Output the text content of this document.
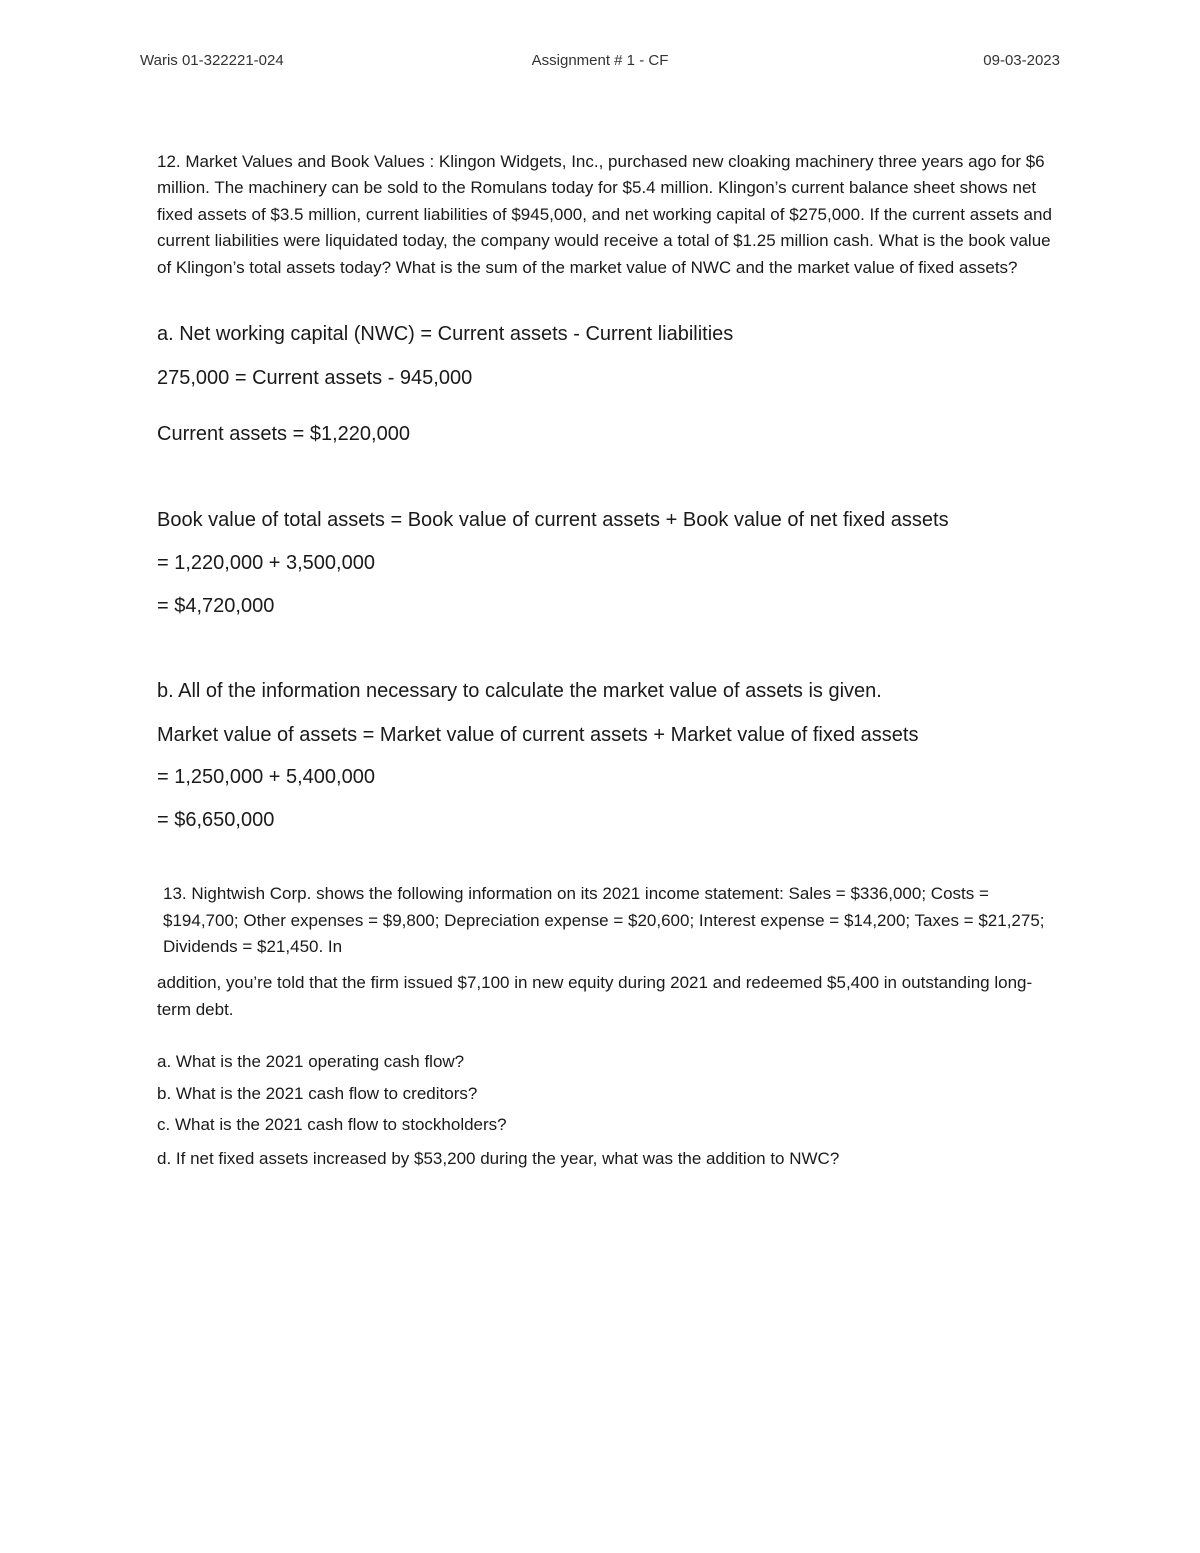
Waris 01-322221-024	Assignment # 1 - CF	09-03-2023

12. Market Values and Book Values : Klingon Widgets, Inc., purchased new cloaking machinery three years ago for $6 million. The machinery can be sold to the Romulans today for $5.4 million. Klingon’s current balance sheet shows net fixed assets of $3.5 million, current liabilities of $945,000, and net working capital of $275,000. If the current assets and current liabilities were liquidated today, the company would receive a total of $1.25 million cash. What is the book value of Klingon’s total assets today? What is the sum of the market value of NWC and the market value of fixed assets?

a. Net working capital (NWC) = Current assets - Current liabilities
275,000 = Current assets - 945,000
Current assets = $1,220,000
Book value of total assets = Book value of current assets + Book value of net fixed assets
= 1,220,000 + 3,500,000
= $4,720,000
b. All of the information necessary to calculate the market value of assets is given.
Market value of assets = Market value of current assets + Market value of fixed assets
= 1,250,000 + 5,400,000
= $6,650,000
13. Nightwish Corp. shows the following information on its 2021 income statement: Sales = $336,000; Costs = $194,700; Other expenses = $9,800; Depreciation expense = $20,600; Interest expense = $14,200; Taxes = $21,275; Dividends = $21,450. In
addition, you’re told that the firm issued $7,100 in new equity during 2021 and redeemed $5,400 in outstanding long-term debt.
a. What is the 2021 operating cash flow?
b. What is the 2021 cash flow to creditors?
c. What is the 2021 cash flow to stockholders?
d. If net fixed assets increased by $53,200 during the year, what was the addition to NWC?
